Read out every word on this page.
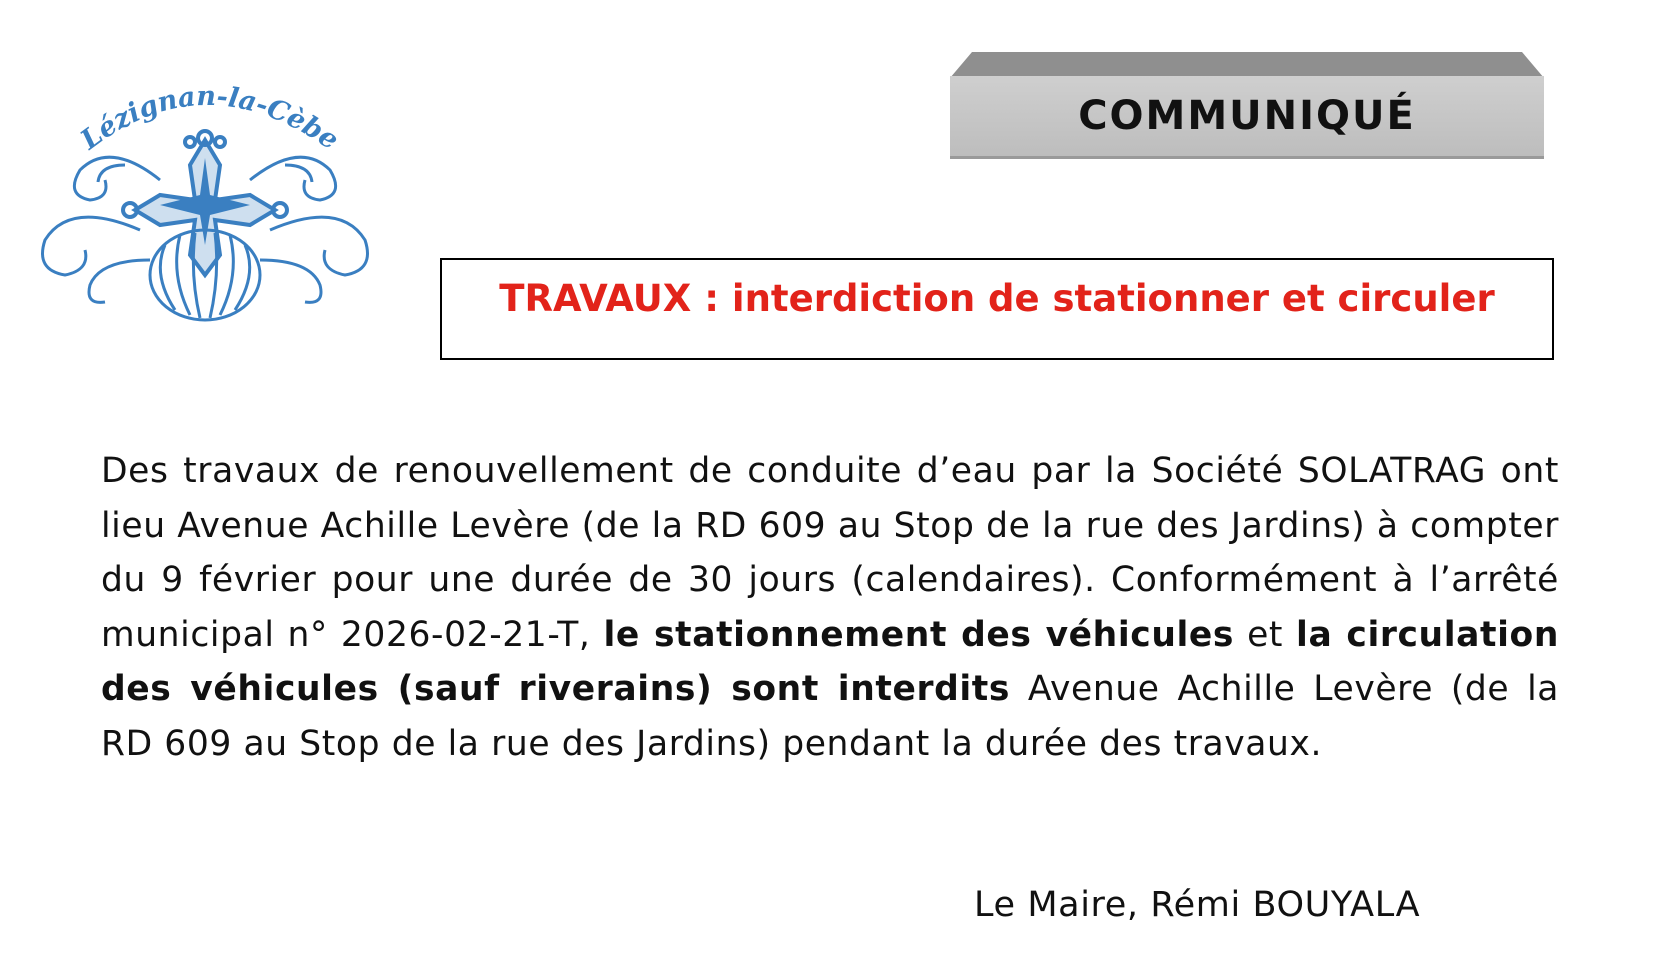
Lézignan-la-Cèbe	COMMUNIQUÉ
TRAVAUX : interdiction de stationner et circuler

Des travaux de renouvellement de conduite d’eau par la Société SOLATRAG ont lieu Avenue Achille Levère (de la RD 609 au Stop de la rue des Jardins) à compter du 9 février pour une durée de 30 jours (calendaires). Conformément à l’arrêté municipal n° 2026-02-21-T, le stationnement des véhicules et la circulation des véhicules (sauf riverains) sont interdits Avenue Achille Levère (de la RD 609 au Stop de la rue des Jardins) pendant la durée des travaux.

Le Maire, Rémi BOUYALA
